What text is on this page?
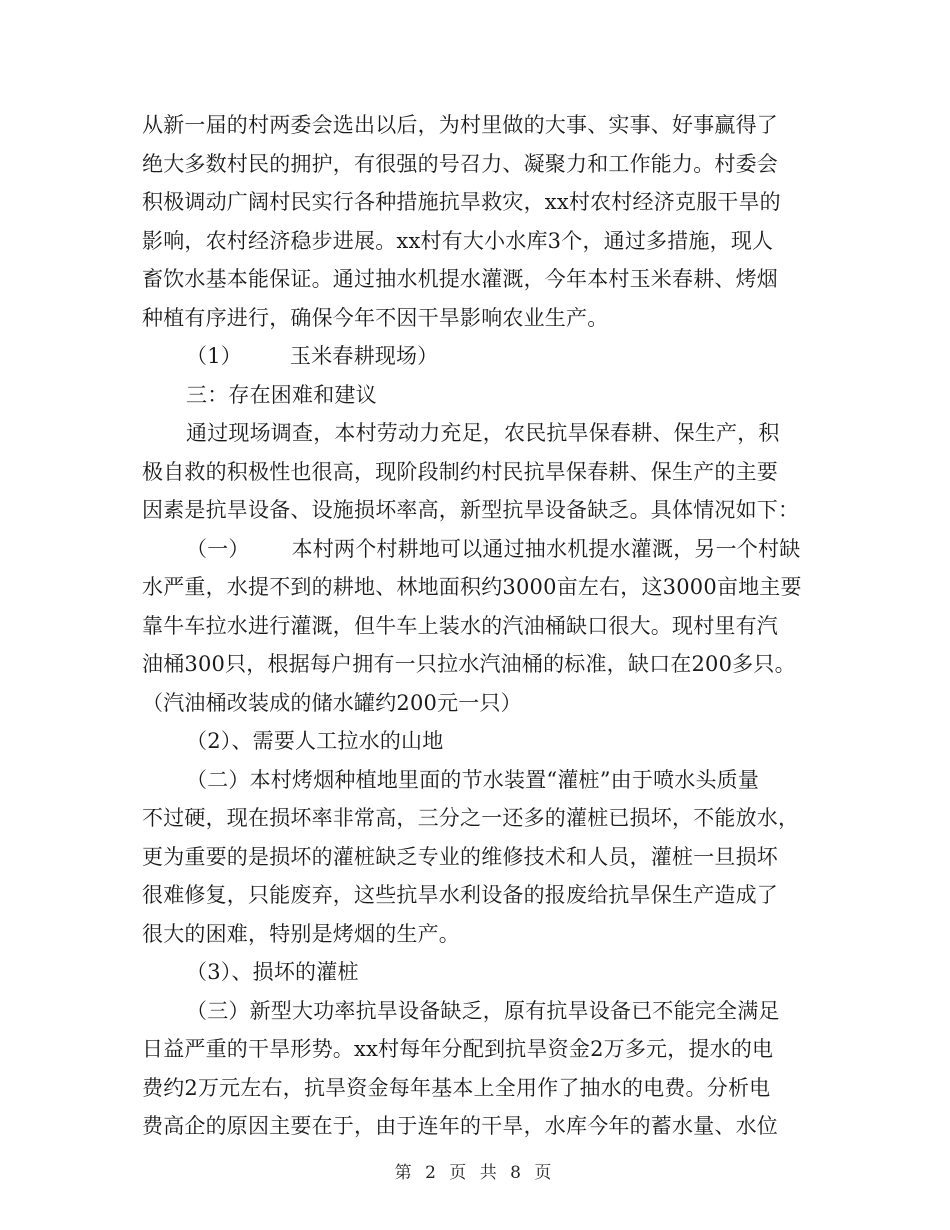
从新一届的村两委会选出以后，为村里做的大事、实事、好事赢得了
绝大多数村民的拥护，有很强的号召力、凝聚力和工作能力。村委会
积极调动广阔村民实行各种措施抗旱救灾，xx村农村经济克服干旱的
影响，农村经济稳步进展。xx村有大小水库3个，通过多措施，现人
畜饮水基本能保证。通过抽水机提水灌溉，今年本村玉米春耕、烤烟
种植有序进行，确保今年不因干旱影响农业生产。
（1） 玉米春耕现场）
三：存在困难和建议
通过现场调查，本村劳动力充足，农民抗旱保春耕、保生产，积
极自救的积极性也很高，现阶段制约村民抗旱保春耕、保生产的主要
因素是抗旱设备、设施损坏率高，新型抗旱设备缺乏。具体情况如下：
（一） 本村两个村耕地可以通过抽水机提水灌溉，另一个村缺
水严重，水提不到的耕地、林地面积约3000亩左右，这3000亩地主要
靠牛车拉水进行灌溉，但牛车上装水的汽油桶缺口很大。现村里有汽
油桶300只，根据每户拥有一只拉水汽油桶的标准，缺口在200多只。
（汽油桶改装成的储水罐约200元一只）
（2）、需要人工拉水的山地
（二）本村烤烟种植地里面的节水装置“灌桩”由于喷水头质量
不过硬，现在损坏率非常高，三分之一还多的灌桩已损坏，不能放水，
更为重要的是损坏的灌桩缺乏专业的维修技术和人员，灌桩一旦损坏
很难修复，只能废弃，这些抗旱水利设备的报废给抗旱保生产造成了
很大的困难，特别是烤烟的生产。
（3）、损坏的灌桩
（三）新型大功率抗旱设备缺乏，原有抗旱设备已不能完全满足
日益严重的干旱形势。xx村每年分配到抗旱资金2万多元，提水的电
费约2万元左右，抗旱资金每年基本上全用作了抽水的电费。分析电
费高企的原因主要在于，由于连年的干旱，水库今年的蓄水量、水位
第 2 页 共 8 页
